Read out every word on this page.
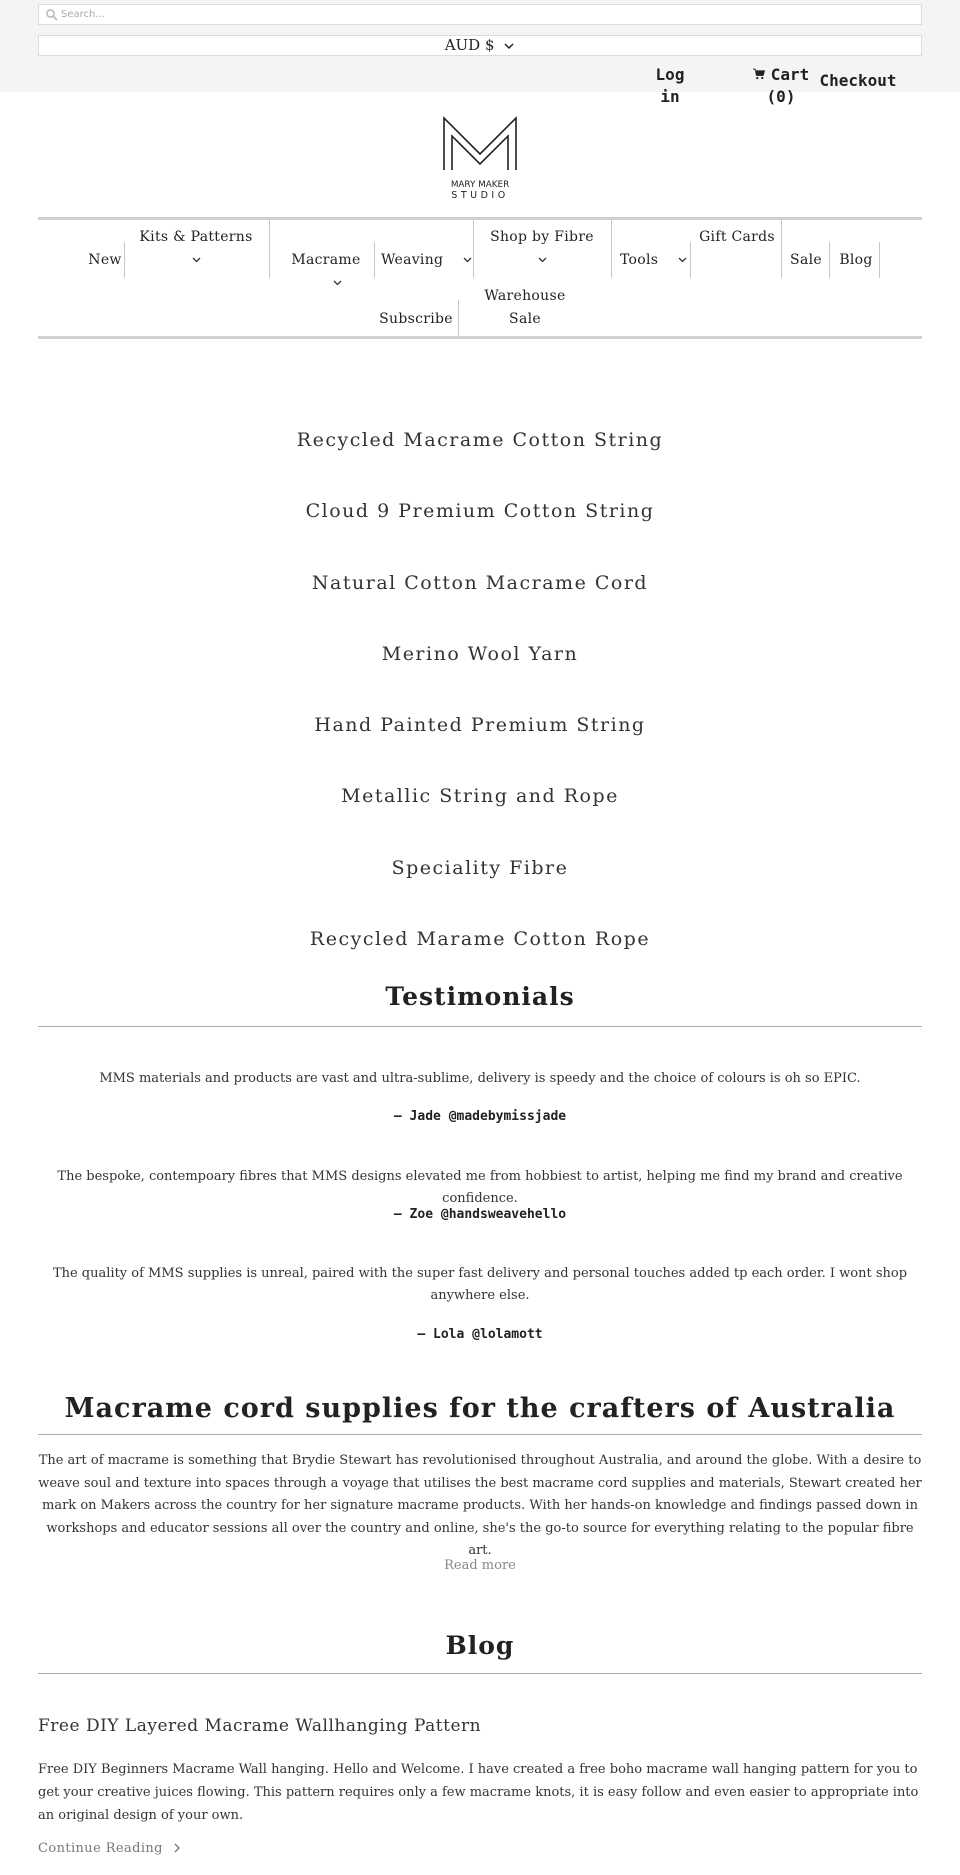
Search...
AUD $
Log in
Cart (0)
Checkout
MARY MAKER
STUDIO
New
Kits & Patterns

Macrame	Weaving
Shop by Fibre

Tools
Gift Cards
Sale Blog
Subscribe
Warehouse Sale
Recycled Macrame Cotton String
Cloud 9 Premium Cotton String
Natural Cotton Macrame Cord
Merino Wool Yarn
Hand Painted Premium String
Metallic String and Rope
Speciality Fibre
Recycled Marame Cotton Rope
Testimonials

MMS materials and products are vast and ultra-sublime, delivery is speedy and the choice of colours is oh so EPIC.

— Jade @madebymissjade

The bespoke, contempoary fibres that MMS designs elevated me from hobbiest to artist, helping me find my brand and creative confidence.

— Zoe @handsweavehello

The quality of MMS supplies is unreal, paired with the super fast delivery and personal touches added tp each order. I wont shop anywhere else.

— Lola @lolamott

Macrame cord supplies for the crafters of Australia

The art of macrame is something that Brydie Stewart has revolutionised throughout Australia, and around the globe. With a desire to weave soul and texture into spaces through a voyage that utilises the best macrame cord supplies and materials, Stewart created her mark on Makers across the country for her signature macrame products. With her hands-on knowledge and findings passed down in workshops and educator sessions all over the country and online, she's the go-to source for everything relating to the popular fibre art.

Read more
Blog
Free DIY Layered Macrame Wallhanging Pattern

Free DIY Beginners Macrame Wall hanging. Hello and Welcome. I have created a free boho macrame wall hanging pattern for you to get your creative juices flowing. This pattern requires only a few macrame knots, it is easy follow and even easier to appropriate into an original design of your own.

Continue Reading
